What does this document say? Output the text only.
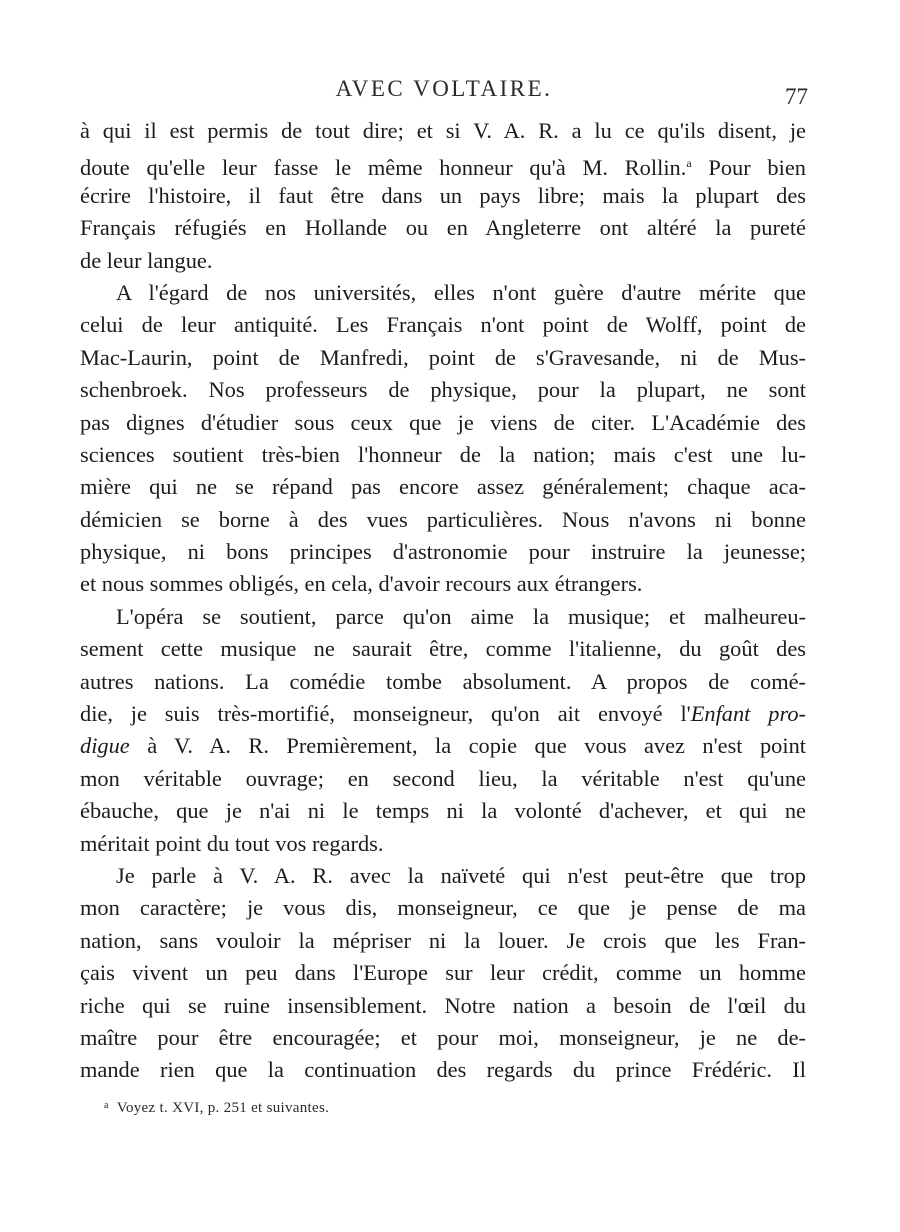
AVEC VOLTAIRE.	77
à qui il est permis de tout dire; et si V. A. R. a lu ce qu'ils disent, je
doute qu'elle leur fasse le même honneur qu'à M. Rollin.$^a$ Pour bien
écrire l'histoire, il faut être dans un pays libre; mais la plupart des
Français réfugiés en Hollande ou en Angleterre ont altéré la pureté
de leur langue.
A l'égard de nos universités, elles n'ont guère d'autre mérite que
celui de leur antiquité. Les Français n'ont point de Wolff, point de
Mac-Laurin, point de Manfredi, point de s'Gravesande, ni de Mus-
schenbroek. Nos professeurs de physique, pour la plupart, ne sont
pas dignes d'étudier sous ceux que je viens de citer. L'Académie des
sciences soutient très-bien l'honneur de la nation; mais c'est une lu-
mière qui ne se répand pas encore assez généralement; chaque aca-
démicien se borne à des vues particulières. Nous n'avons ni bonne
physique, ni bons principes d'astronomie pour instruire la jeunesse;
et nous sommes obligés, en cela, d'avoir recours aux étrangers.
L'opéra se soutient, parce qu'on aime la musique; et malheureu-
sement cette musique ne saurait être, comme l'italienne, du goût des
autres nations. La comédie tombe absolument. A propos de comé-
die, je suis très-mortifié, monseigneur, qu'on ait envoyé l'Enfant pro-
digue à V. A. R. Premièrement, la copie que vous avez n'est point
mon véritable ouvrage; en second lieu, la véritable n'est qu'une
ébauche, que je n'ai ni le temps ni la volonté d'achever, et qui ne
méritait point du tout vos regards.
Je parle à V. A. R. avec la naïveté qui n'est peut-être que trop
mon caractère; je vous dis, monseigneur, ce que je pense de ma
nation, sans vouloir la mépriser ni la louer. Je crois que les Fran-
çais vivent un peu dans l'Europe sur leur crédit, comme un homme
riche qui se ruine insensiblement. Notre nation a besoin de l'œil du
maître pour être encouragée; et pour moi, monseigneur, je ne de-
mande rien que la continuation des regards du prince Frédéric. Il
$^a$ Voyez t. XVI, p. 251 et suivantes.
